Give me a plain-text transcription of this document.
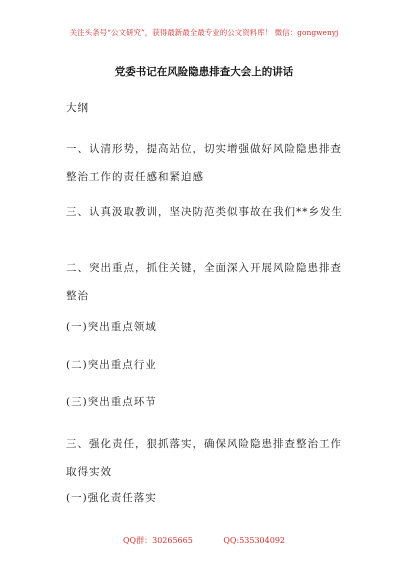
关注头条号“公文研究”，获得最新最全最专业的公文资料库！ 微信：gongwenyj
党委书记在风险隐患排查大会上的讲话

大纲

一、认清形势，提高站位，切实增强做好风险隐患排查整治工作的责任感和紧迫感

三、认真汲取教训，坚决防范类似事故在我们**乡发生

二、突出重点，抓住关键，全面深入开展风险隐患排查整治

(一)突出重点领域

(二)突出重点行业

(三)突出重点环节

三、强化责任，狠抓落实，确保风险隐患排查整治工作取得实效

(一)强化责任落实

QQ群：30265665	QQ:535304092
